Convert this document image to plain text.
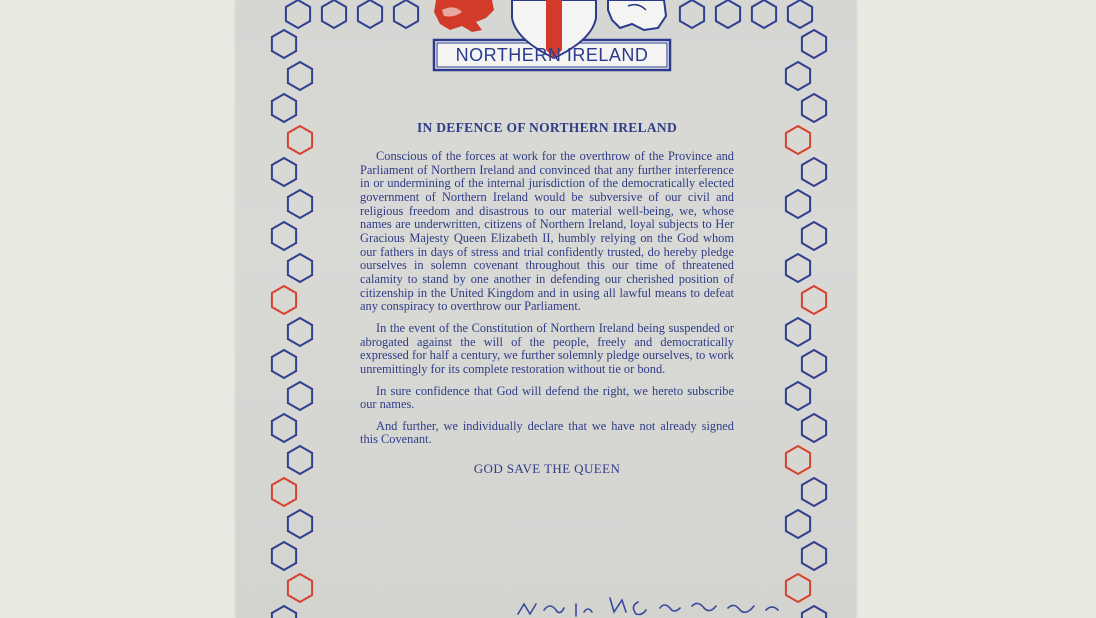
NORTHERN IRELAND
IN DEFENCE OF NORTHERN IRELAND

Conscious of the forces at work for the overthrow of the Province and Parliament of Northern Ireland and convinced that any further interference in or undermining of the internal jurisdiction of the democratically elected government of Northern Ireland would be subversive of our civil and religious freedom and disastrous to our material well-being, we, whose names are underwritten, citizens of Northern Ireland, loyal subjects to Her Gracious Majesty Queen Elizabeth II, humbly relying on the God whom our fathers in days of stress and trial confidently trusted, do hereby pledge ourselves in solemn covenant throughout this our time of threatened calamity to stand by one another in defending our cherished position of citizenship in the United Kingdom and in using all lawful means to defeat any conspiracy to overthrow our Parliament.

In the event of the Constitution of Northern Ireland being suspended or abrogated against the will of the people, freely and democratically expressed for half a century, we further solemnly pledge ourselves, to work unremittingly for its complete restoration without tie or bond.

In sure confidence that God will defend the right, we hereto subscribe our names.

And further, we individually declare that we have not already signed this Covenant.

GOD SAVE THE QUEEN
